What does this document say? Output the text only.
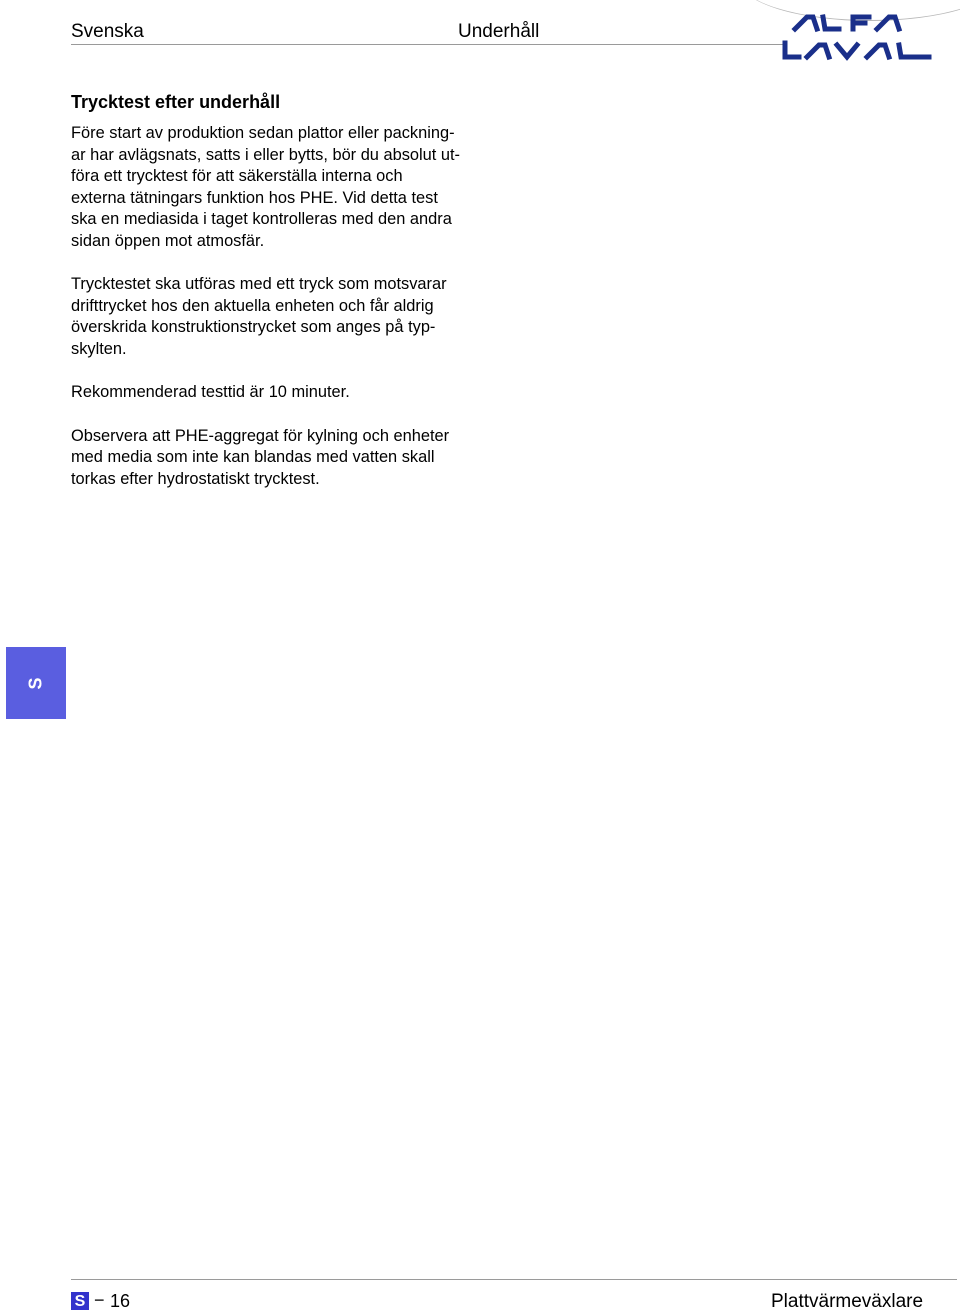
Svenska	Underhåll
Trycktest efter underhåll

Före start av produktion sedan plattor eller packning-
ar har avlägsnats, satts i eller bytts, bör du absolut ut-
föra ett trycktest för att säkerställa interna och
externa tätningars funktion hos PHE. Vid detta test
ska en mediasida i taget kontrolleras med den andra
sidan öppen mot atmosfär.

Trycktestet ska utföras med ett tryck som motsvarar
drifttrycket hos den aktuella enheten och får aldrig
överskrida konstruktionstrycket som anges på typ-
skylten.

Rekommenderad testtid är 10 minuter.

Observera att PHE-aggregat för kylning och enheter
med media som inte kan blandas med vatten skall
torkas efter hydrostatiskt trycktest.

S
S − 16	Plattvärmeväxlare
